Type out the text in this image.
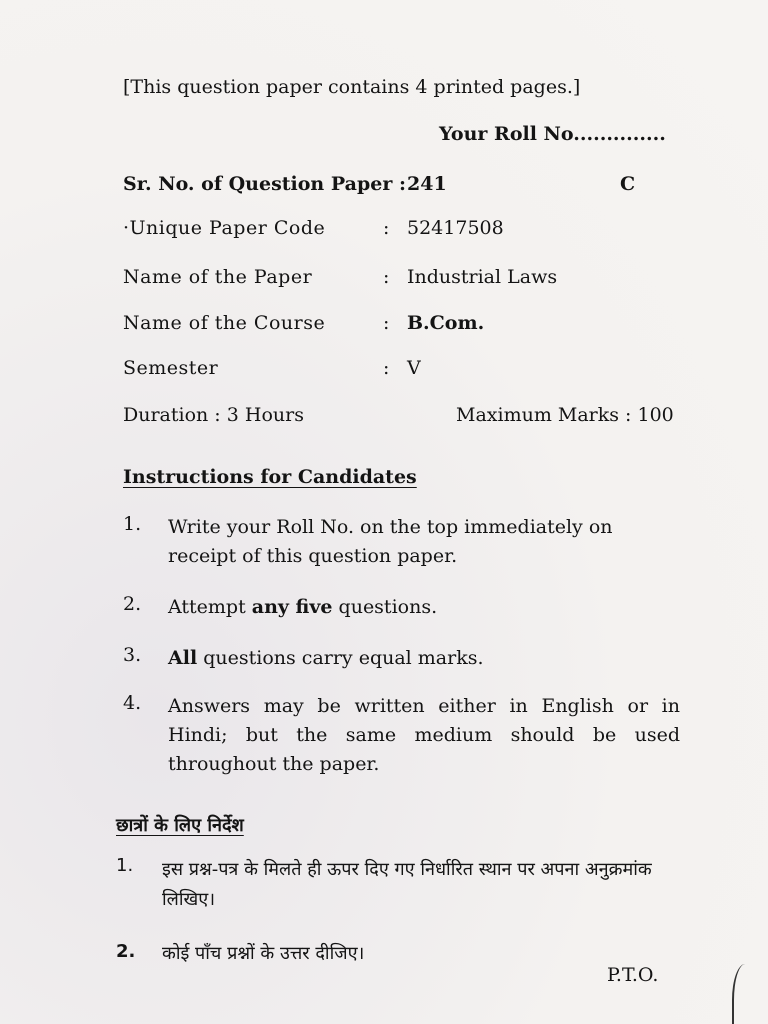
[This question paper contains 4 printed pages.]
Your Roll No..............
Sr. No. of Question Paper : 241	C
·Unique Paper Code	: 52417508
Name of the Paper	: Industrial Laws
Name of the Course	: B.Com.
Semester	: V
Duration : 3 Hours	Maximum Marks : 100
Instructions for Candidates
1. Write your Roll No. on the top immediately on receipt of this question paper.
2. Attempt any five questions.
3. All questions carry equal marks.
4. Answers may be written either in English or in Hindi; but the same medium should be used throughout the paper.
छात्रों के लिए निर्देश
1. इस प्रश्न-पत्र के मिलते ही ऊपर दिए गए निर्धारित स्थान पर अपना अनुक्रमांक लिखिए।
2. कोई पाँच प्रश्नों के उत्तर दीजिए।
P.T.O.
